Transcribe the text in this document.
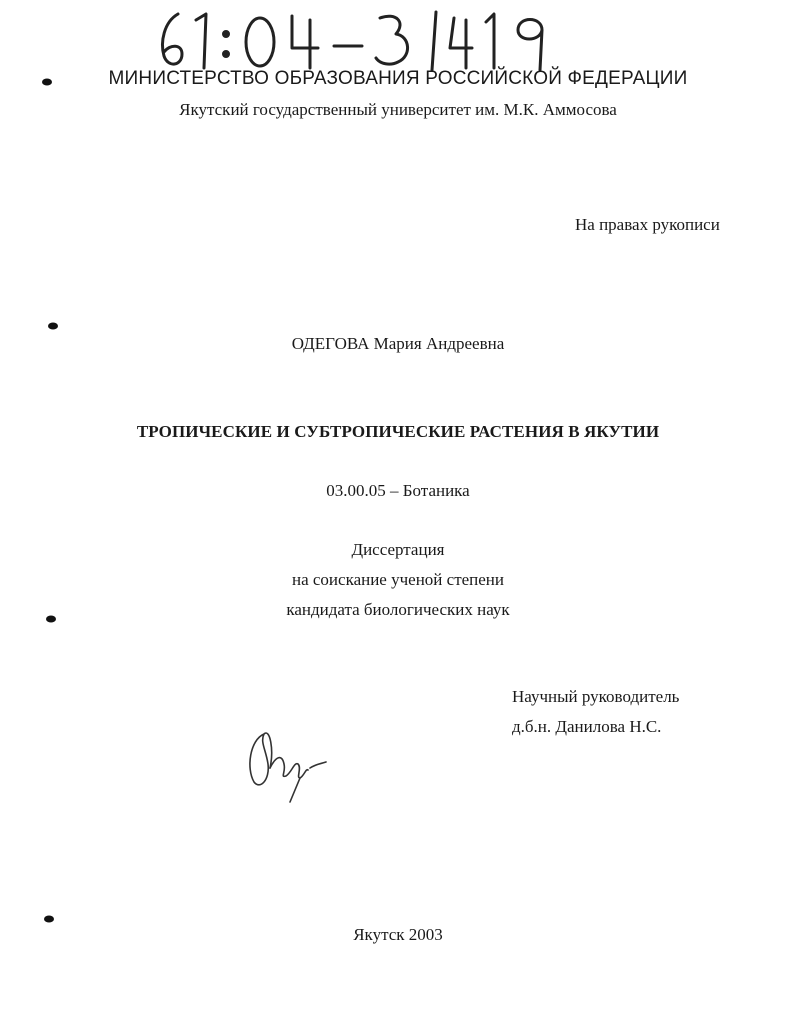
МИНИСТЕРСТВО ОБРАЗОВАНИЯ РОССИЙСКОЙ ФЕДЕРАЦИИ
Якутский государственный университет им. М.К. Аммосова
На правах рукописи
ОДЕГОВА Мария Андреевна
ТРОПИЧЕСКИЕ И СУБТРОПИЧЕСКИЕ РАСТЕНИЯ В ЯКУТИИ
03.00.05 – Ботаника
Диссертация
на соискание ученой степени
кандидата биологических наук
Научный руководитель
д.б.н. Данилова Н.С.
Якутск 2003
